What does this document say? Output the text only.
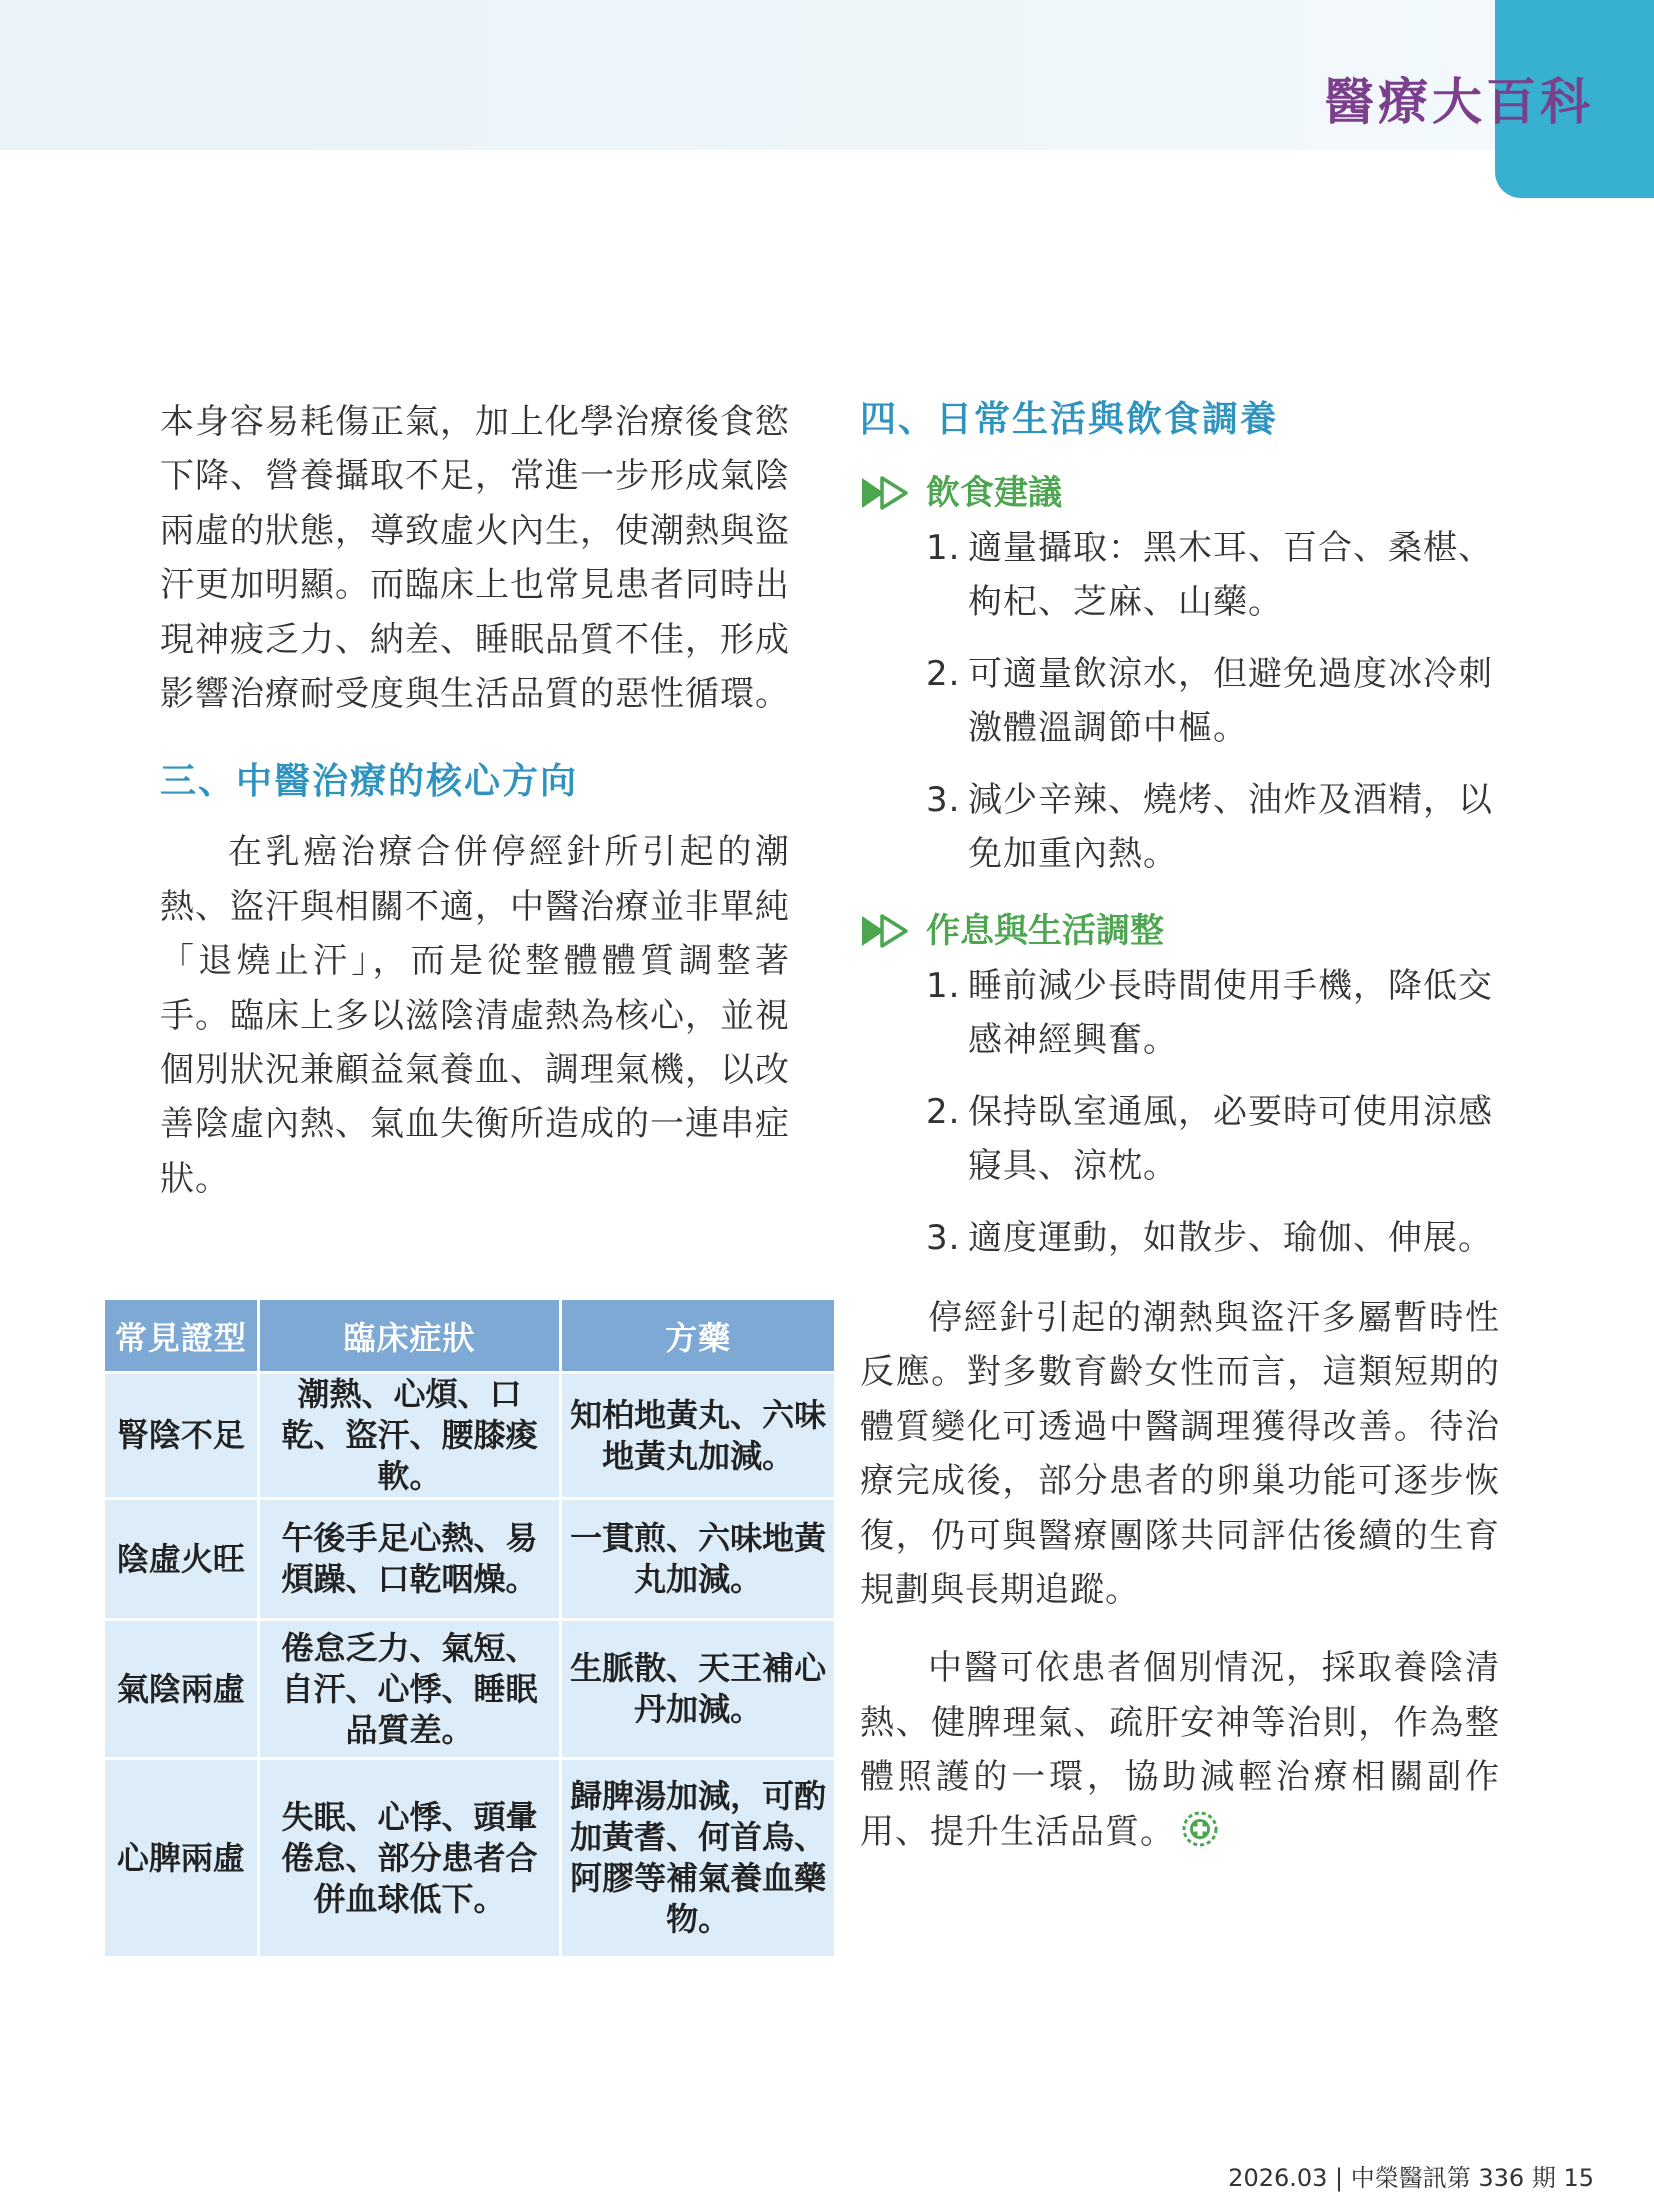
醫療大百科

本身容易耗傷正氣，加上化學治療後食慾下降、營養攝取不足，常進一步形成氣陰兩虛的狀態，導致虛火內生，使潮熱與盜汗更加明顯。而臨床上也常見患者同時出現神疲乏力、納差、睡眠品質不佳，形成影響治療耐受度與生活品質的惡性循環。

三、中醫治療的核心方向

在乳癌治療合併停經針所引起的潮熱、盜汗與相關不適，中醫治療並非單純「退燒止汗」，而是從整體體質調整著手。臨床上多以滋陰清虛熱為核心，並視個別狀況兼顧益氣養血、調理氣機，以改善陰虛內熱、氣血失衡所造成的一連串症狀。

常見證型	臨床症狀	方藥
腎陰不足	潮熱、心煩、口乾、盜汗、腰膝痠軟。	知柏地黃丸、六味地黃丸加減。
陰虛火旺	午後手足心熱、易煩躁、口乾咽燥。	一貫煎、六味地黃丸加減。
氣陰兩虛	倦怠乏力、氣短、自汗、心悸、睡眠品質差。	生脈散、天王補心丹加減。
心脾兩虛	失眠、心悸、頭暈倦怠、部分患者合併血球低下。	歸脾湯加減，可酌加黃耆、何首烏、阿膠等補氣養血藥物。
四、日常生活與飲食調養
飲食建議
1. 適量攝取：黑木耳、百合、桑椹、枸杞、芝麻、山藥。
2. 可適量飲涼水，但避免過度冰冷刺激體溫調節中樞。
3. 減少辛辣、燒烤、油炸及酒精，以免加重內熱。
作息與生活調整
1. 睡前減少長時間使用手機，降低交感神經興奮。
2. 保持臥室通風，必要時可使用涼感寢具、涼枕。
3. 適度運動，如散步、瑜伽、伸展。

停經針引起的潮熱與盜汗多屬暫時性反應。對多數育齡女性而言，這類短期的體質變化可透過中醫調理獲得改善。待治療完成後，部分患者的卵巢功能可逐步恢復，仍可與醫療團隊共同評估後續的生育規劃與長期追蹤。

中醫可依患者個別情況，採取養陰清熱、健脾理氣、疏肝安神等治則，作為整體照護的一環，協助減輕治療相關副作用、提升生活品質。

2026.03 | 中榮醫訊第 336 期 15
